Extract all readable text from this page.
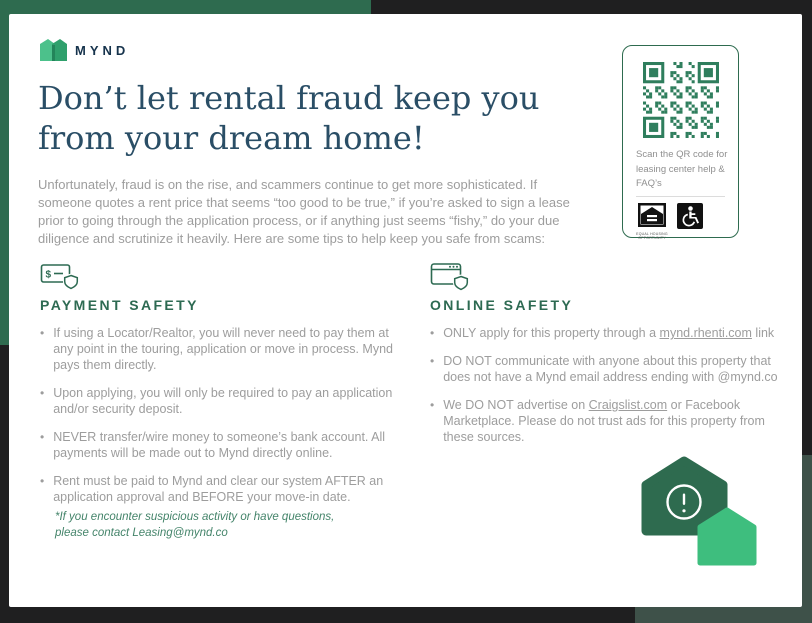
MYND
Don’t let rental fraud keep you from your dream home!
Unfortunately, fraud is on the rise, and scammers continue to get more sophisticated. If someone quotes a rent price that seems “too good to be true,” if you’re asked to sign a lease prior to going through the application process, or if anything just seems “fishy,” do your due diligence and scrutinize it heavily. Here are some tips to help keep you safe from scams:
Scan the QR code for leasing center help & FAQ’s
EQUAL HOUSING OPPORTUNITY
$
PAYMENT SAFETY
• If using a Locator/Realtor, you will never need to pay them at any point in the touring, application or move in process. Mynd pays them directly.
• Upon applying, you will only be required to pay an application and/or security deposit.
• NEVER transfer/wire money to someone’s bank account. All payments will be made out to Mynd directly online.
• Rent must be paid to Mynd and clear our system AFTER an application approval and BEFORE your move-in date.
ONLINE SAFETY
• ONLY apply for this property through a mynd.rhenti.com link
• DO NOT communicate with anyone about this property that does not have a Mynd email address ending with @mynd.co
• We DO NOT advertise on Craigslist.com or Facebook Marketplace. Please do not trust ads for this property from these sources.
*If you encounter suspicious activity or have questions, please contact Leasing@mynd.co
